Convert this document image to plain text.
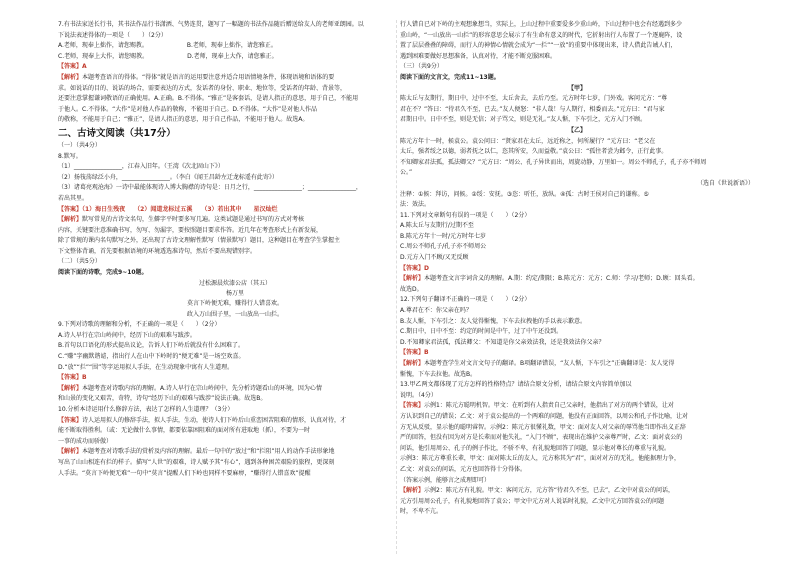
7.有书法家送长行书，其书法作品行书潇洒、气势连贯，题写了一幅题的书法作品随后赠送给友人的老师亚朗园。以
下说法表述得体的一项是（　　）（2分）
A.老师，现奉上拙作，请您赐教。　　　　　　　B.老师，现奉上拙作，请您雅正。
C.老师，现奉上大作，请您赐教。　　　　　　　D.老师，现奉上大作，请您雅正。
【答案】A
【解析】本题考查语言的得体。“得体”就是语言的运用要注意并适合用语情境条件，体现语境和语体的要
求。如说话的目的、说话的场合，需要表达的方式，发话者的身份、职业、地位等，受话者的年龄、背景等，
还要注意掌握谦词敬语的正确使用。A.正确。B.不得体。“雅正”是客套话，是请人指正的意思，用于自己，不能用
于他人。C.不得体。“大作”是对他人作品的敬称，不能用于自己。D.不得体。“大作”是对他人作品
的敬称，不能用于自己；“雅正”，是请人指正的意思，用于自己作品，不能用于他人。故选A。
二、古诗文阅读（共17分）
（一）（共4分）
8.默写。
（1）________________，江春入旧年。（王湾《次北固山下》）
（2）扬筏荡绿泛小舟，________________。（李白《闻王昌龄左迁龙标遥有此寄》）
（3）诸葛亮观沧海》一诗中最能体现诗人博大胸襟的诗句是：日月之行，________________；________________，
若出其里。
【答案】（1）海日生残夜　　（2）闻道龙标过五溪　　（3）若出其中　　星汉灿烂
【解析】默写常见的古诗文名句，生僻字平时要多写几遍。这类试题是通过书写的方式对考核
内容，关键要注意准确书写，勿写、勿漏字，要按照题目要求作答。近几年在考查形式上有新发展，
除了常规的课内名句默写之外，还出现了古诗文理解性默写（情景默写）题目，这种题目在考查学生掌握主
下文整体背诵，首先要根据语境的环境透选准诗句，然后不要出现错别字。
（二）（共5分）
阅读下面的诗歌，完成9~10题。
过松源晨炊漆公店（其五）
杨万里
莫言下岭便无难，赚得行人错喜欢。
政入万山围子里，一山放出一山拦。
9.下列对诗歌的理解和分析，不正确的一项是（　　）（2分）
A.诗人早行在宗山岭间中，经历下山的艰难与跋涉。
B.首句以口语化的形式提出议论，告诉人们下岭后就没有什么困难了。
C.“赚”字幽默谐谑，指出行人在山中下岭时的“便无难”是一场空欢喜。
D.“放”“拦”“围”等字运用拟人手法，在生动现象中寓有人生道理。
【答案】B
【解析】本题考查对诗歌内容的理解。A.诗人早行在宗山岭间中，先分析诗题看山的环境，因为心情
和山景的变化又艰苦，奇特，诗句“经历下山的艰难与跋涉”说法正确。故选B。
10.分析本诗运用什么修辞方法，表达了怎样的人生道理？（3分）
【答案】诗人运用拟人的修辞手法，拟人手法，生动，使诗人们下岭后山重峦困苦阻难的情形，认真对待，才
能不断取得胜利。（或：无论做什么事情，都要依靠困阻难的面对所有进取地（抓），不要为一时
一事的成功而骄傲）
【解析】本题考查对诗歌手法的赏析及内容的理解。最后一句中的“放过”和“拦阻”用人的动作手法形象地
写出了山山相连有拦的样子。描写“人世”的艰难，诗人赋予其“有心”，遇到各种困苦艰险的旅程，更深刻
人手法。“莫言下岭便无难”一句中“莫言”提醒人们下岭也同样不要麻痹，“赚得行人错喜欢”提醒
行人错自已对下岭的主观想象想当，实际上，上山过程中重要爱多少重山岭，下山过程中也会有经遇到多少
重山岭，“一山放出一山拦”的形容意思会展示了有生命有意义的时代，它折射出行人布置了一个逐鹿阵，设
置了层层叠叠的障碍，而行人的神情心情就会成为“一拦”“一放”的重要中体现出来，诗人借此告诫人们，
遇到困难要做好思想准备，认真对待，才能不断克服困难。
（三）（共9分）
阅读下面的文言文，完成11~13题。
【甲】
陈太丘与友期行，期日中，过中不至，太丘舍去，去后乃至。元方时年七岁，门外戏。客问元方：“尊
君在不？”答曰：“待君久不至，已去。”友人便怒：“非人哉！与人期行，相委而去。”元方曰：“君与家
君期日中。日中不至，则是无信；对子骂父，则是无礼。”友人惭，下车引之，元方入门不顾。
【乙】
陈元方年十一时，候袁公。袁公问曰：“贤家君在太丘，远近称之，何所履行？”元方曰：“老父在
太丘，强者绥之以德，弱者抚之以仁，恣其所安，久而益敬。”袁公曰：“孤往者尝为邺令，正行此事。
不知卿家君法孤，孤法卿父？”元方曰：“周公、孔子异世而出，周旋动静，万里如一。周公不师孔子，孔子亦不师周
公。”
（选自《世说新语》）
注释：①候：拜访，问候。②绥：安抚。③恣：听任，放纵。④孤：古时王侯对自己的谦称。⑤
法：效法。
11.下列对文章断句有误的一项是（　　）（2分）
A.陈太丘与友期行/过期不至
B.陈元方年十一时/元方时年七岁
C.周公不师孔子/孔子亦不师周公
D.元方入门不顾/又无反顾
【答案】D
【解析】本题考查文言字词含义的理解。A.期：约定/期限；B.陈元方：元方；C.师：学习/老师；D.顾：回头看。
故选D。
12.下列句子翻译不正确的一项是（　　）（2分）
A.尊君在不：你父亲在吗？
B.友人惭，下车引之：友人觉得惭愧，下车去拉拽他的手以表示歉意。
C.期日中，日中不至：约定的时间是中午，过了中午还没到。
D.不知卿家君法孤，孤法卿父：不知道是你父亲效法我，还是我效法你父亲？
【答案】B
【解析】本题考查学生对文言文句子的翻译。B项翻译错误，“友人惭，下车引之”正确翻译是：友人觉得
惭愧，下车去拉他。故选B。
13.甲乙两文都体现了元方怎样的性格特点？请结合原文分析，请结合原文内容简单加以
说明。（4分）
【答案】示例1：陈元方聪明机智。甲文：在听到有人指责自己父亲时，他指出了对方的两个错误，让对
方认识到自己的错误；乙文：对于袁公提出的一个两难的问题，他没有正面回答，以周公和孔子作比喻，让对
方无从反驳，显示他的聪明睿智。示例2：陈元方很懂礼数，甲文：面对友人对父亲的辱骂他当即作出义正辞
严的回答，但没有因为对方是长辈而对他失礼，“入门不顾”，表现出在维护父亲尊严时，乙文：面对袁公的
问话，他引用周公、孔子的例子作比，不骄不卑，有礼貌地回答了问题，显示他对尊长的尊重与礼貌。
示例3：陈元方尊重长辈，甲文：面对陈太丘的友人，元方称其为“君”，面对对方的无礼，他能据理力争，
乙文：对袁公的问话，元方也回答得十分得体。
（答案示例，能够言之成理即可）
【解析】示例2：陈元方有礼貌。甲文：客问元方，元方答“待君久不至，已去”，乙文中对袁公的问话，
元方引用周公孔子，有礼貌地回答了袁公；甲文中元方对人说话时礼貌，乙文中元方回答袁公的问题
时，不卑不亢。
